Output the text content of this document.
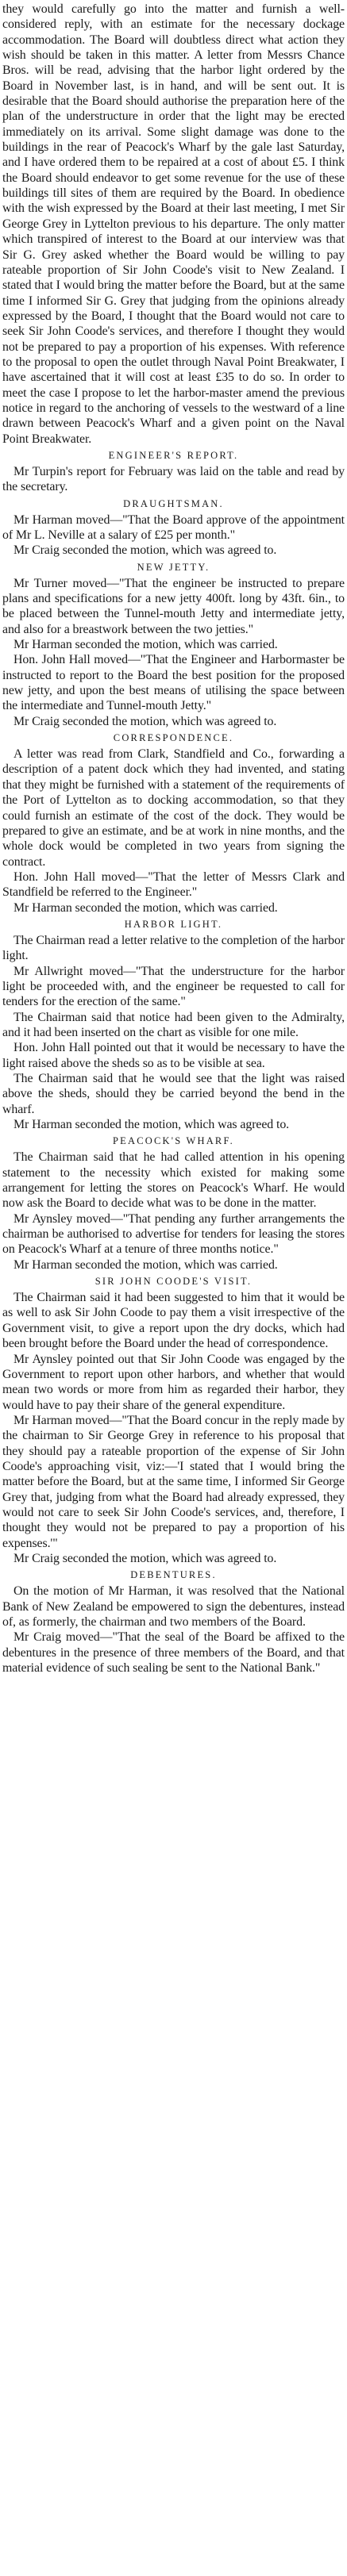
they would carefully go into the matter and furnish a well-considered reply, with an estimate for the necessary dockage accommodation. The Board will doubtless direct what action they wish should be taken in this matter. A letter from Messrs Chance Bros. will be read, advising that the harbor light ordered by the Board in November last, is in hand, and will be sent out. It is desirable that the Board should authorise the preparation here of the plan of the understructure in order that the light may be erected immediately on its arrival. Some slight damage was done to the buildings in the rear of Peacock's Wharf by the gale last Saturday, and I have ordered them to be repaired at a cost of about £5. I think the Board should endeavor to get some revenue for the use of these buildings till sites of them are required by the Board. In obedience with the wish expressed by the Board at their last meeting, I met Sir George Grey in Lyttelton previous to his departure. The only matter which transpired of interest to the Board at our interview was that Sir G. Grey asked whether the Board would be willing to pay rateable proportion of Sir John Coode's visit to New Zealand. I stated that I would bring the matter before the Board, but at the same time I informed Sir G. Grey that judging from the opinions already expressed by the Board, I thought that the Board would not care to seek Sir John Coode's services, and therefore I thought they would not be prepared to pay a proportion of his expenses. With reference to the proposal to open the outlet through Naval Point Breakwater, I have ascertained that it will cost at least £35 to do so. In order to meet the case I propose to let the harbor-master amend the previous notice in regard to the anchoring of vessels to the westward of a line drawn between Peacock's Wharf and a given point on the Naval Point Breakwater.

ENGINEER'S REPORT.

Mr Turpin's report for February was laid on the table and read by the secretary.

DRAUGHTSMAN.

Mr Harman moved—"That the Board approve of the appointment of Mr L. Neville at a salary of £25 per month."

Mr Craig seconded the motion, which was agreed to.

NEW JETTY.

Mr Turner moved—"That the engineer be instructed to prepare plans and specifications for a new jetty 400ft. long by 43ft. 6in., to be placed between the Tunnel-mouth Jetty and intermediate jetty, and also for a breastwork between the two jetties."

Mr Harman seconded the motion, which was carried.

Hon. John Hall moved—"That the Engineer and Harbormaster be instructed to report to the Board the best position for the proposed new jetty, and upon the best means of utilising the space between the intermediate and Tunnel-mouth Jetty."

Mr Craig seconded the motion, which was agreed to.

CORRESPONDENCE.

A letter was read from Clark, Standfield and Co., forwarding a description of a patent dock which they had invented, and stating that they might be furnished with a statement of the requirements of the Port of Lyttelton as to docking accommodation, so that they could furnish an estimate of the cost of the dock. They would be prepared to give an estimate, and be at work in nine months, and the whole dock would be completed in two years from signing the contract.

Hon. John Hall moved—"That the letter of Messrs Clark and Standfield be referred to the Engineer."

Mr Harman seconded the motion, which was carried.

HARBOR LIGHT.

The Chairman read a letter relative to the completion of the harbor light.

Mr Allwright moved—"That the understructure for the harbor light be proceeded with, and the engineer be requested to call for tenders for the erection of the same."

The Chairman said that notice had been given to the Admiralty, and it had been inserted on the chart as visible for one mile.

Hon. John Hall pointed out that it would be necessary to have the light raised above the sheds so as to be visible at sea.

The Chairman said that he would see that the light was raised above the sheds, should they be carried beyond the bend in the wharf.

Mr Harman seconded the motion, which was agreed to.

PEACOCK'S WHARF.

The Chairman said that he had called attention in his opening statement to the necessity which existed for making some arrangement for letting the stores on Peacock's Wharf. He would now ask the Board to decide what was to be done in the matter.

Mr Aynsley moved—"That pending any further arrangements the chairman be authorised to advertise for tenders for leasing the stores on Peacock's Wharf at a tenure of three months notice."

Mr Harman seconded the motion, which was carried.

SIR JOHN COODE'S VISIT.

The Chairman said it had been suggested to him that it would be as well to ask Sir John Coode to pay them a visit irrespective of the Government visit, to give a report upon the dry docks, which had been brought before the Board under the head of correspondence.

Mr Aynsley pointed out that Sir John Coode was engaged by the Government to report upon other harbors, and whether that would mean two words or more from him as regarded their harbor, they would have to pay their share of the general expenditure.

Mr Harman moved—"That the Board concur in the reply made by the chairman to Sir George Grey in reference to his proposal that they should pay a rateable proportion of the expense of Sir John Coode's approaching visit, viz:—'I stated that I would bring the matter before the Board, but at the same time, I informed Sir George Grey that, judging from what the Board had already expressed, they would not care to seek Sir John Coode's services, and, therefore, I thought they would not be prepared to pay a proportion of his expenses.'"

Mr Craig seconded the motion, which was agreed to.

DEBENTURES.

On the motion of Mr Harman, it was resolved that the National Bank of New Zealand be empowered to sign the debentures, instead of, as formerly, the chairman and two members of the Board.

Mr Craig moved—"That the seal of the Board be affixed to the debentures in the presence of three members of the Board, and that material evidence of such sealing be sent to the National Bank."
